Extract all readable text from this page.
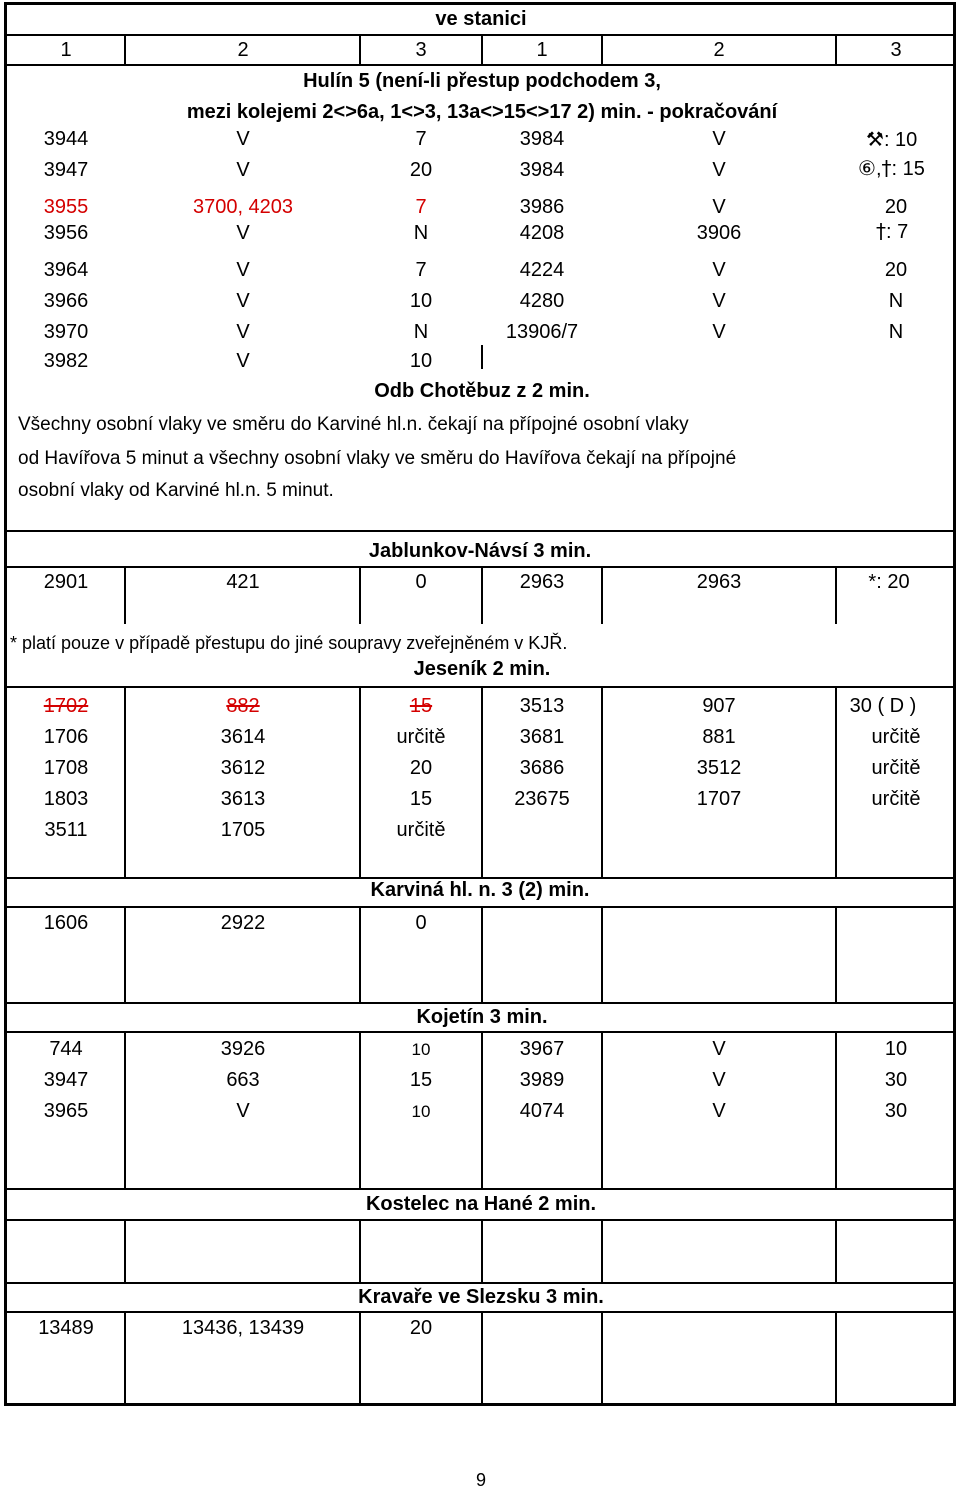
ve stanici
1	2	3	1	2	3
Hulín 5 (není-li přestup podchodem 3,
mezi kolejemi 2<>6a, 1<>3, 13a<>15<>17 2) min. - pokračování
3944	V	7	3984	V	⚒: 10
3947	V	20	3984	V	⑥,†: 15
3955	3700, 4203	7	3986	V	20
3956	V	N	4208	3906	†: 7
3964	V	7	4224	V	20
3966	V	10	4280	V	N
3970	V	N	13906/7	V	N
3982	V	10
Odb Chotěbuz z 2 min.
Všechny osobní vlaky ve směru do Karviné hl.n. čekají na přípojné osobní vlaky
od Havířova 5 minut a všechny osobní vlaky ve směru do Havířova čekají na přípojné
osobní vlaky od Karviné hl.n. 5 minut.
Jablunkov-Návsí 3 min.
2901	421	0	2963	2963	*: 20
* platí pouze v případě přestupu do jiné soupravy zveřejněném v KJŘ.
Jeseník 2 min.
1702	882	15	3513	907	30 ( D )
1706	3614	určitě	3681	881	určitě
1708	3612	20	3686	3512	určitě
1803	3613	15	23675	1707	určitě
3511	1705	určitě
Karviná hl. n. 3 (2) min.
1606	2922	0
Kojetín 3 min.
744	3926	10	3967	V	10
3947	663	15	3989	V	30
3965	V	10	4074	V	30
Kostelec na Hané 2 min.
Kravaře ve Slezsku 3 min.
13489	13436, 13439	20
9
